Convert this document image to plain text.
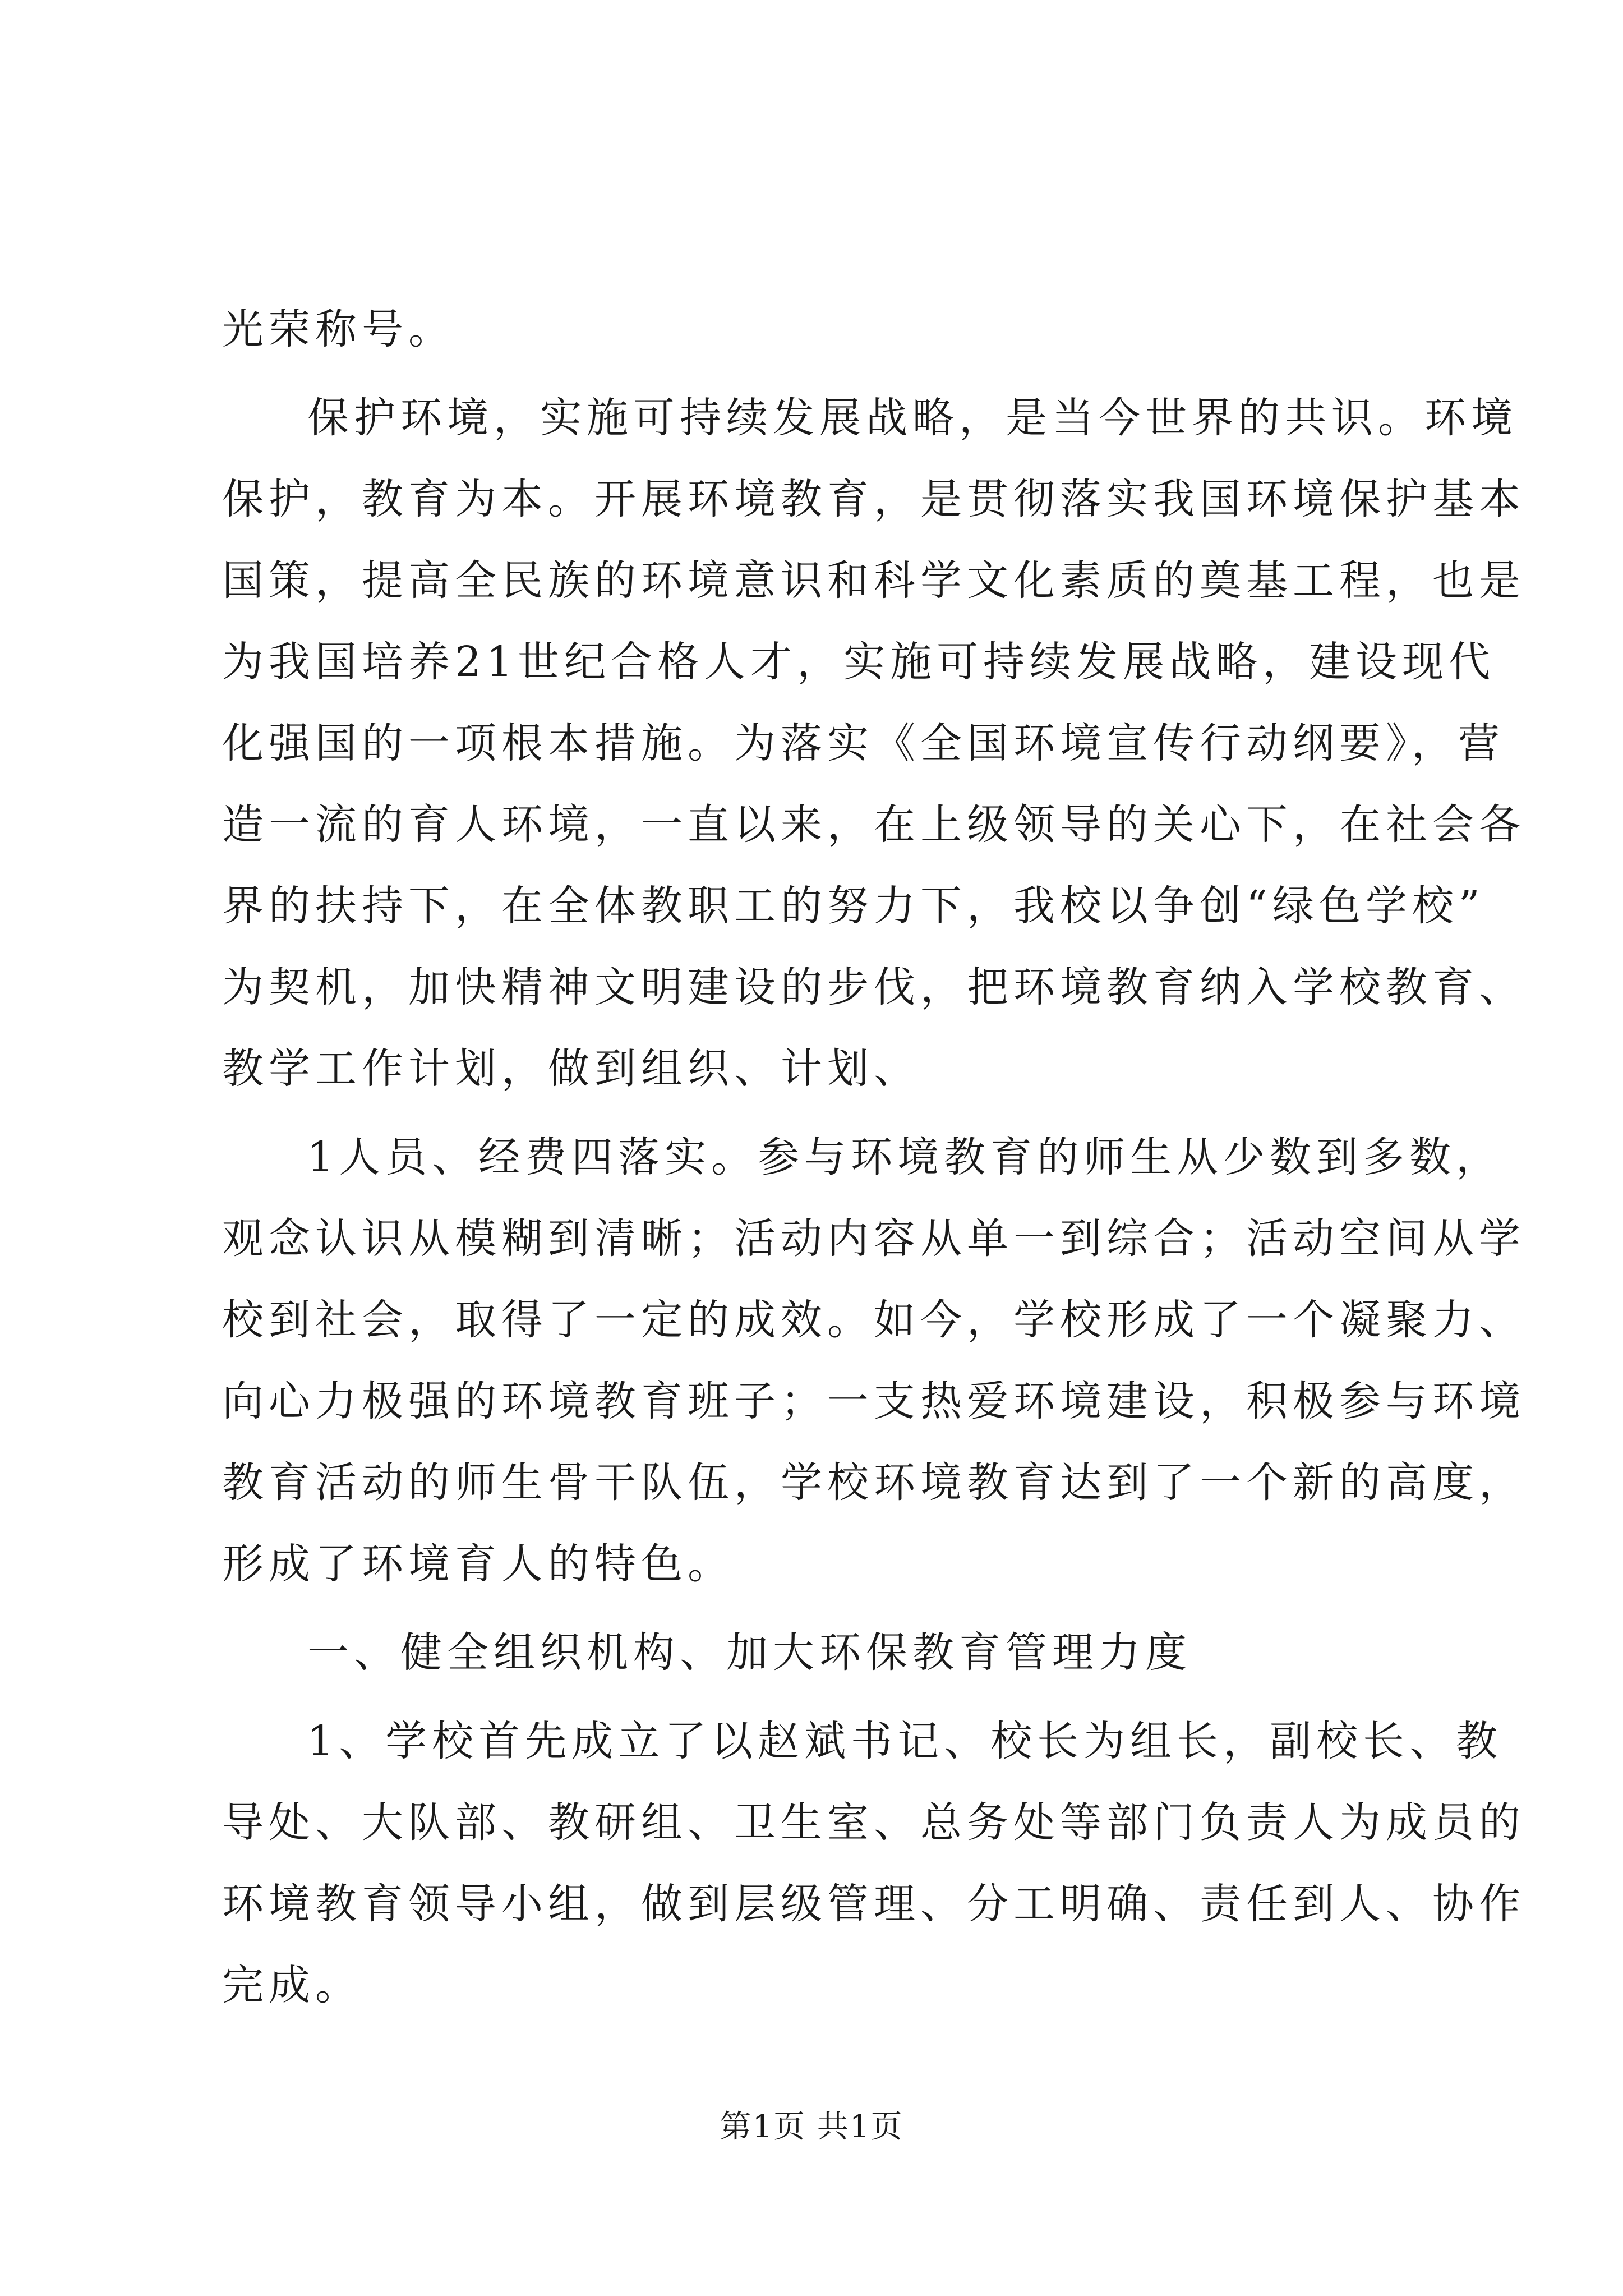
光荣称号。
保护环境，实施可持续发展战略，是当今世界的共识。环境
保护，教育为本。开展环境教育，是贯彻落实我国环境保护基本
国策，提高全民族的环境意识和科学文化素质的奠基工程，也是
为我国培养21世纪合格人才，实施可持续发展战略，建设现代
化强国的一项根本措施。为落实《全国环境宣传行动纲要》，营
造一流的育人环境，一直以来，在上级领导的关心下，在社会各
界的扶持下，在全体教职工的努力下，我校以争创“绿色学校”
为契机，加快精神文明建设的步伐，把环境教育纳入学校教育、
教学工作计划，做到组织、计划、
1人员、经费四落实。参与环境教育的师生从少数到多数，
观念认识从模糊到清晰；活动内容从单一到综合；活动空间从学
校到社会，取得了一定的成效。如今，学校形成了一个凝聚力、
向心力极强的环境教育班子；一支热爱环境建设，积极参与环境
教育活动的师生骨干队伍，学校环境教育达到了一个新的高度，
形成了环境育人的特色。
一、健全组织机构、加大环保教育管理力度
1、学校首先成立了以赵斌书记、校长为组长，副校长、教
导处、大队部、教研组、卫生室、总务处等部门负责人为成员的
环境教育领导小组，做到层级管理、分工明确、责任到人、协作
完成。
第1页 共1页
